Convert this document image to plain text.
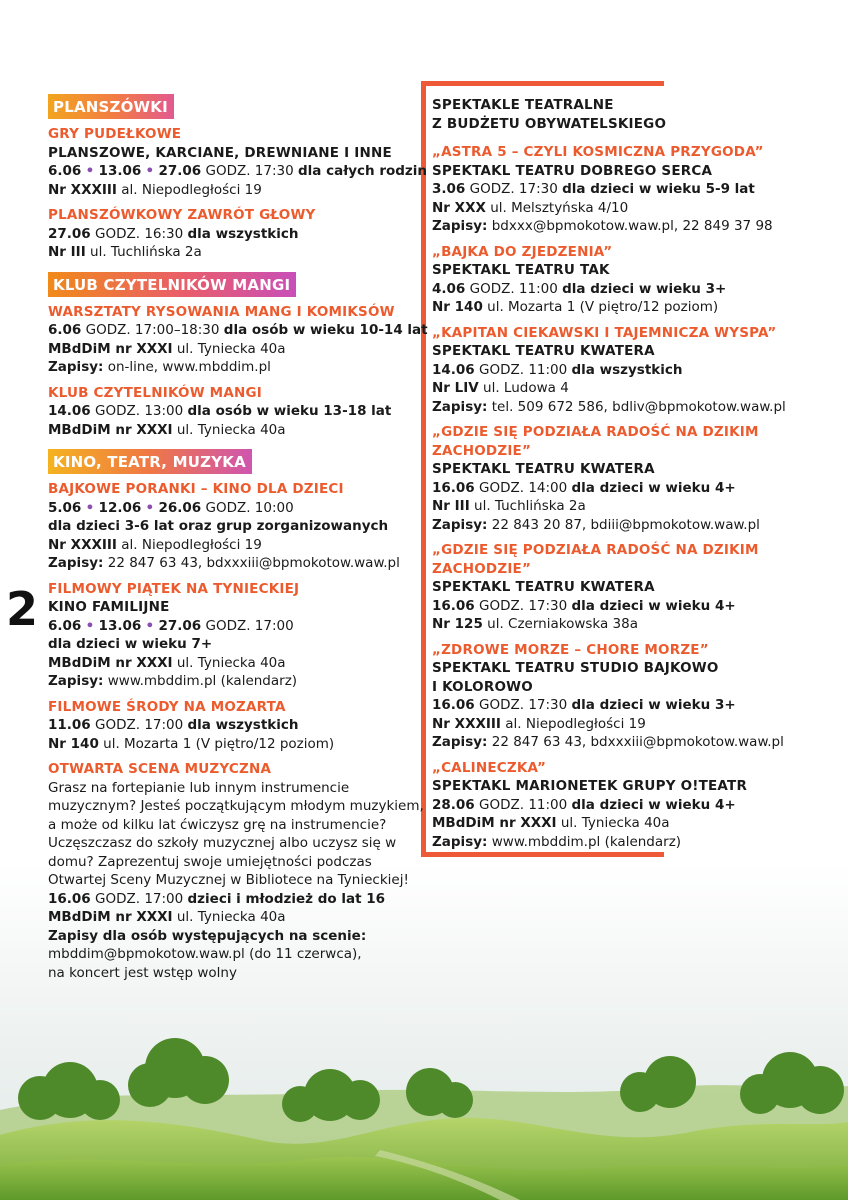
2
PLANSZÓWKI
GRY PUDEŁKOWE
PLANSZOWE, KARCIANE, DREWNIANE I INNE
6.06 • 13.06 • 27.06 GODZ. 17:30 dla całych rodzin
Nr XXXIII al. Niepodległości 19
PLANSZÓWKOWY ZAWRÓT GŁOWY
27.06 GODZ. 16:30 dla wszystkich
Nr III ul. Tuchlińska 2a
KLUB CZYTELNIKÓW MANGI
WARSZTATY RYSOWANIA MANG I KOMIKSÓW
6.06 GODZ. 17:00–18:30 dla osób w wieku 10-14 lat
MBdDiM nr XXXI ul. Tyniecka 40a
Zapisy: on-line, www.mbddim.pl
KLUB CZYTELNIKÓW MANGI
14.06 GODZ. 13:00 dla osób w wieku 13-18 lat
MBdDiM nr XXXI ul. Tyniecka 40a
KINO, TEATR, MUZYKA
BAJKOWE PORANKI – KINO DLA DZIECI
5.06 • 12.06 • 26.06 GODZ. 10:00
dla dzieci 3-6 lat oraz grup zorganizowanych
Nr XXXIII al. Niepodległości 19
Zapisy: 22 847 63 43, bdxxxiii@bpmokotow.waw.pl
FILMOWY PIĄTEK NA TYNIECKIEJ
KINO FAMILIJNE
6.06 • 13.06 • 27.06 GODZ. 17:00
dla dzieci w wieku 7+
MBdDiM nr XXXI ul. Tyniecka 40a
Zapisy: www.mbddim.pl (kalendarz)
FILMOWE ŚRODY NA MOZARTA
11.06 GODZ. 17:00 dla wszystkich
Nr 140 ul. Mozarta 1 (V piętro/12 poziom)
OTWARTA SCENA MUZYCZNA
Grasz na fortepianie lub innym instrumencie muzycznym? Jesteś początkującym młodym muzykiem, a może od kilku lat ćwiczysz grę na instrumencie? Uczęszczasz do szkoły muzycznej albo uczysz się w domu? Zaprezentuj swoje umiejętności podczas Otwartej Sceny Muzycznej w Bibliotece na Tynieckiej!
16.06 GODZ. 17:00 dzieci i młodzież do lat 16
MBdDiM nr XXXI ul. Tyniecka 40a
Zapisy dla osób występujących na scenie:
mbddim@bpmokotow.waw.pl (do 11 czerwca),
na koncert jest wstęp wolny
SPEKTAKLE TEATRALNE
Z BUDŻETU OBYWATELSKIEGO
„ASTRA 5 – CZYLI KOSMICZNA PRZYGODA”
SPEKTAKL TEATRU DOBREGO SERCA
3.06 GODZ. 17:30 dla dzieci w wieku 5-9 lat
Nr XXX ul. Melsztyńska 4/10
Zapisy: bdxxx@bpmokotow.waw.pl, 22 849 37 98
„BAJKA DO ZJEDZENIA”
SPEKTAKL TEATRU TAK
4.06 GODZ. 11:00 dla dzieci w wieku 3+
Nr 140 ul. Mozarta 1 (V piętro/12 poziom)
„KAPITAN CIEKAWSKI I TAJEMNICZA WYSPA”
SPEKTAKL TEATRU KWATERA
14.06 GODZ. 11:00 dla wszystkich
Nr LIV ul. Ludowa 4
Zapisy: tel. 509 672 586, bdliv@bpmokotow.waw.pl
„GDZIE SIĘ PODZIAŁA RADOŚĆ NA DZIKIM
ZACHODZIE”
SPEKTAKL TEATRU KWATERA
16.06 GODZ. 14:00 dla dzieci w wieku 4+
Nr III ul. Tuchlińska 2a
Zapisy: 22 843 20 87, bdiii@bpmokotow.waw.pl
„GDZIE SIĘ PODZIAŁA RADOŚĆ NA DZIKIM
ZACHODZIE”
SPEKTAKL TEATRU KWATERA
16.06 GODZ. 17:30 dla dzieci w wieku 4+
Nr 125 ul. Czerniakowska 38a
„ZDROWE MORZE – CHORE MORZE”
SPEKTAKL TEATRU STUDIO BAJKOWO
I KOLOROWO
16.06 GODZ. 17:30 dla dzieci w wieku 3+
Nr XXXIII al. Niepodległości 19
Zapisy: 22 847 63 43, bdxxxiii@bpmokotow.waw.pl
„CALINECZKA”
SPEKTAKL MARIONETEK GRUPY O!TEATR
28.06 GODZ. 11:00 dla dzieci w wieku 4+
MBdDiM nr XXXI ul. Tyniecka 40a
Zapisy: www.mbddim.pl (kalendarz)
